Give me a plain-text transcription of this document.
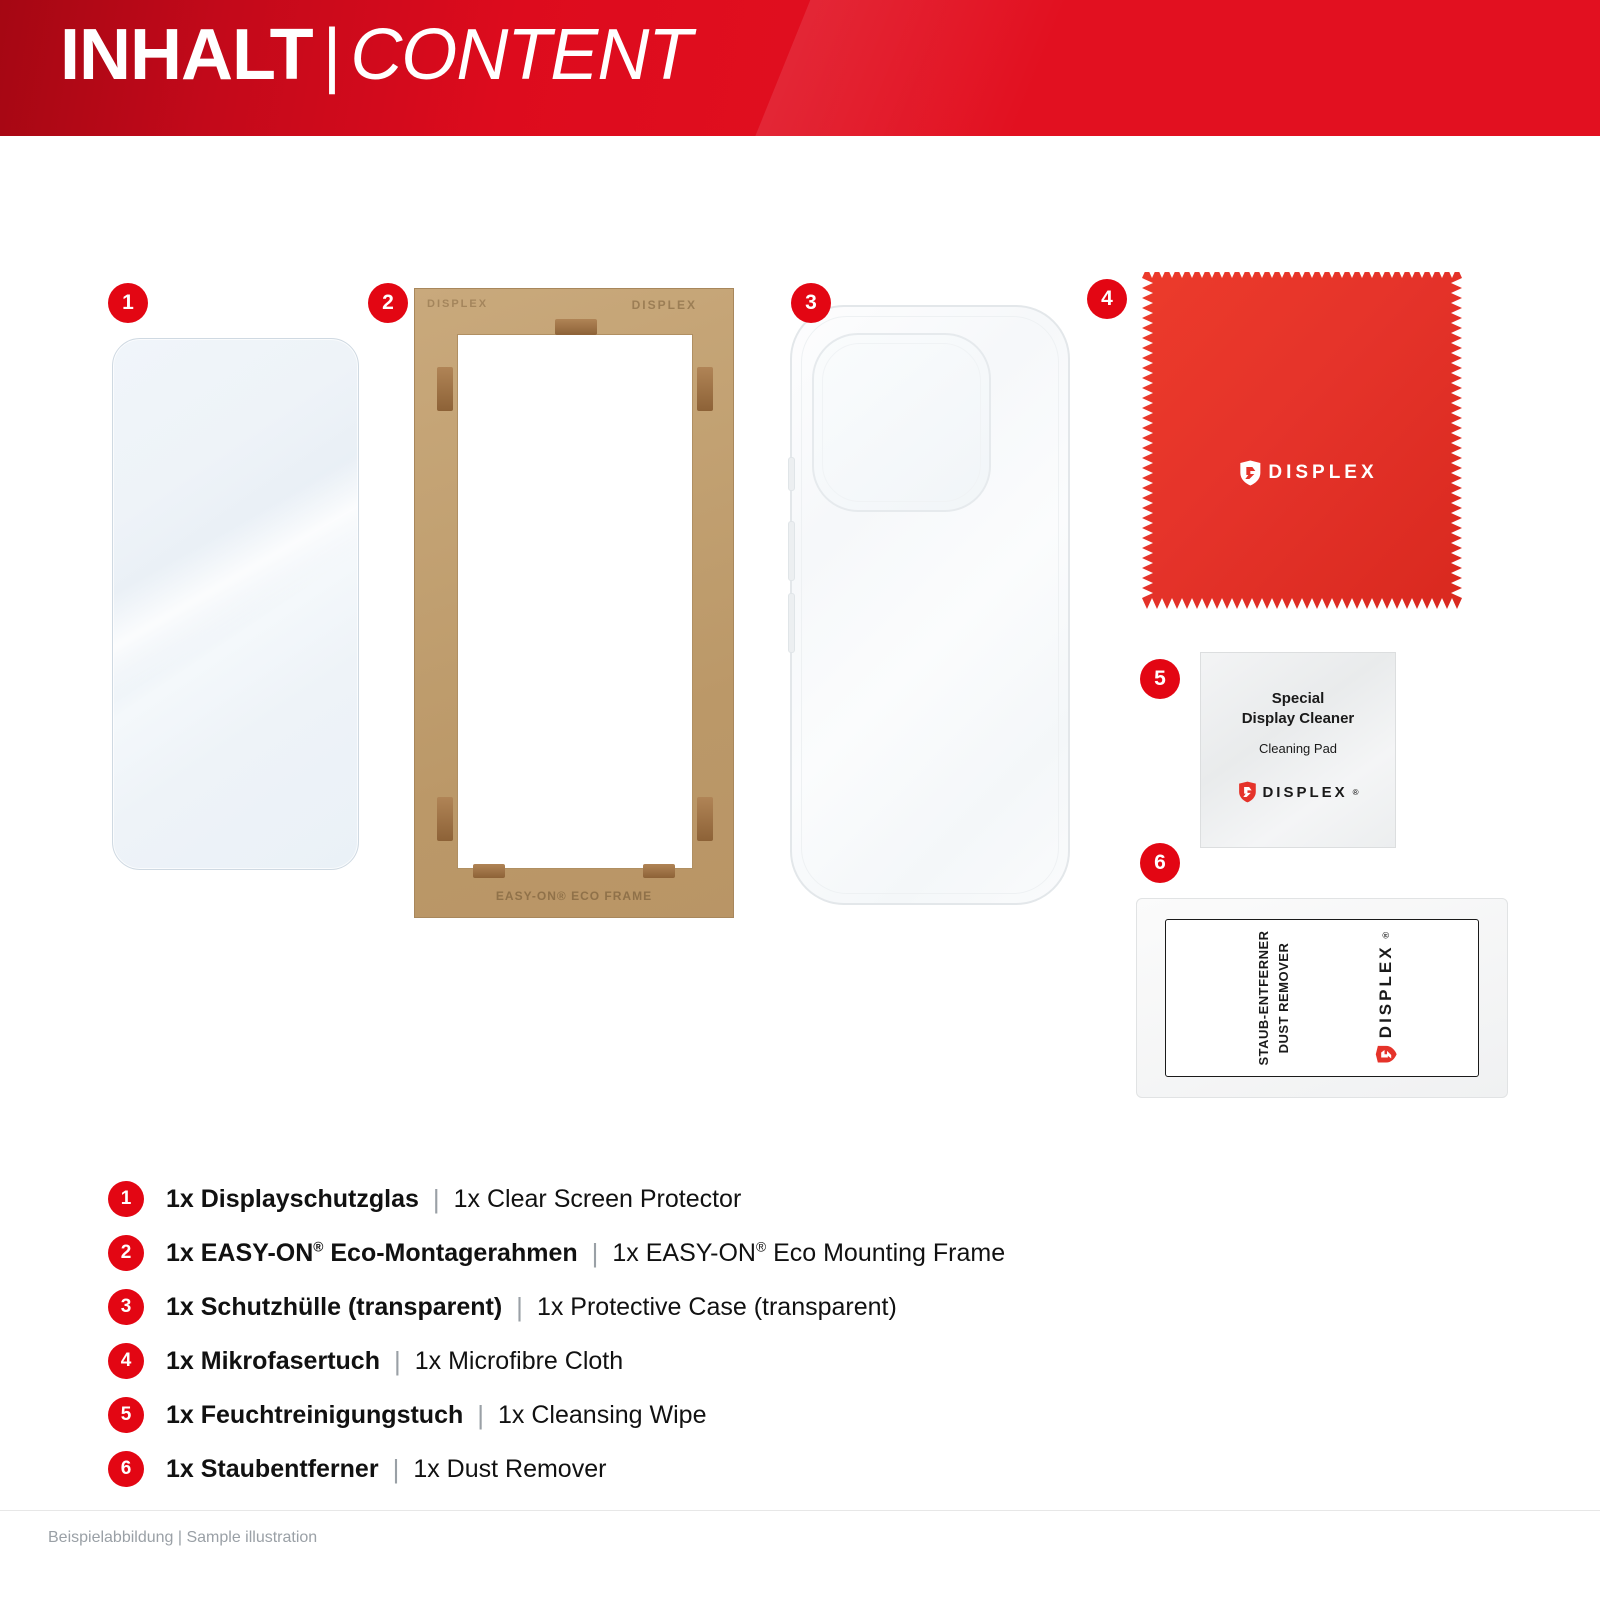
INHALT | CONTENT
1	2	DISPLEX	DISPLEX
EASY-ON® ECO FRAME
3	4
DISPLEX
5
Special
Display Cleaner
Cleaning Pad
DISPLEX ®
6
STAUB-ENTFERNER DUST REMOVER	DISPLEX
®
1	1x Displayschutzglas | 1x Clear Screen Protector
2	1x EASY-ON® Eco-Montagerahmen | 1x EASY-ON® Eco Mounting Frame
3	1x Schutzhülle (transparent) | 1x Protective Case (transparent)
4	1x Mikrofasertuch | 1x Microfibre Cloth
5	1x Feuchtreinigungstuch | 1x Cleansing Wipe
6	1x Staubentferner | 1x Dust Remover
Beispielabbildung | Sample illustration
